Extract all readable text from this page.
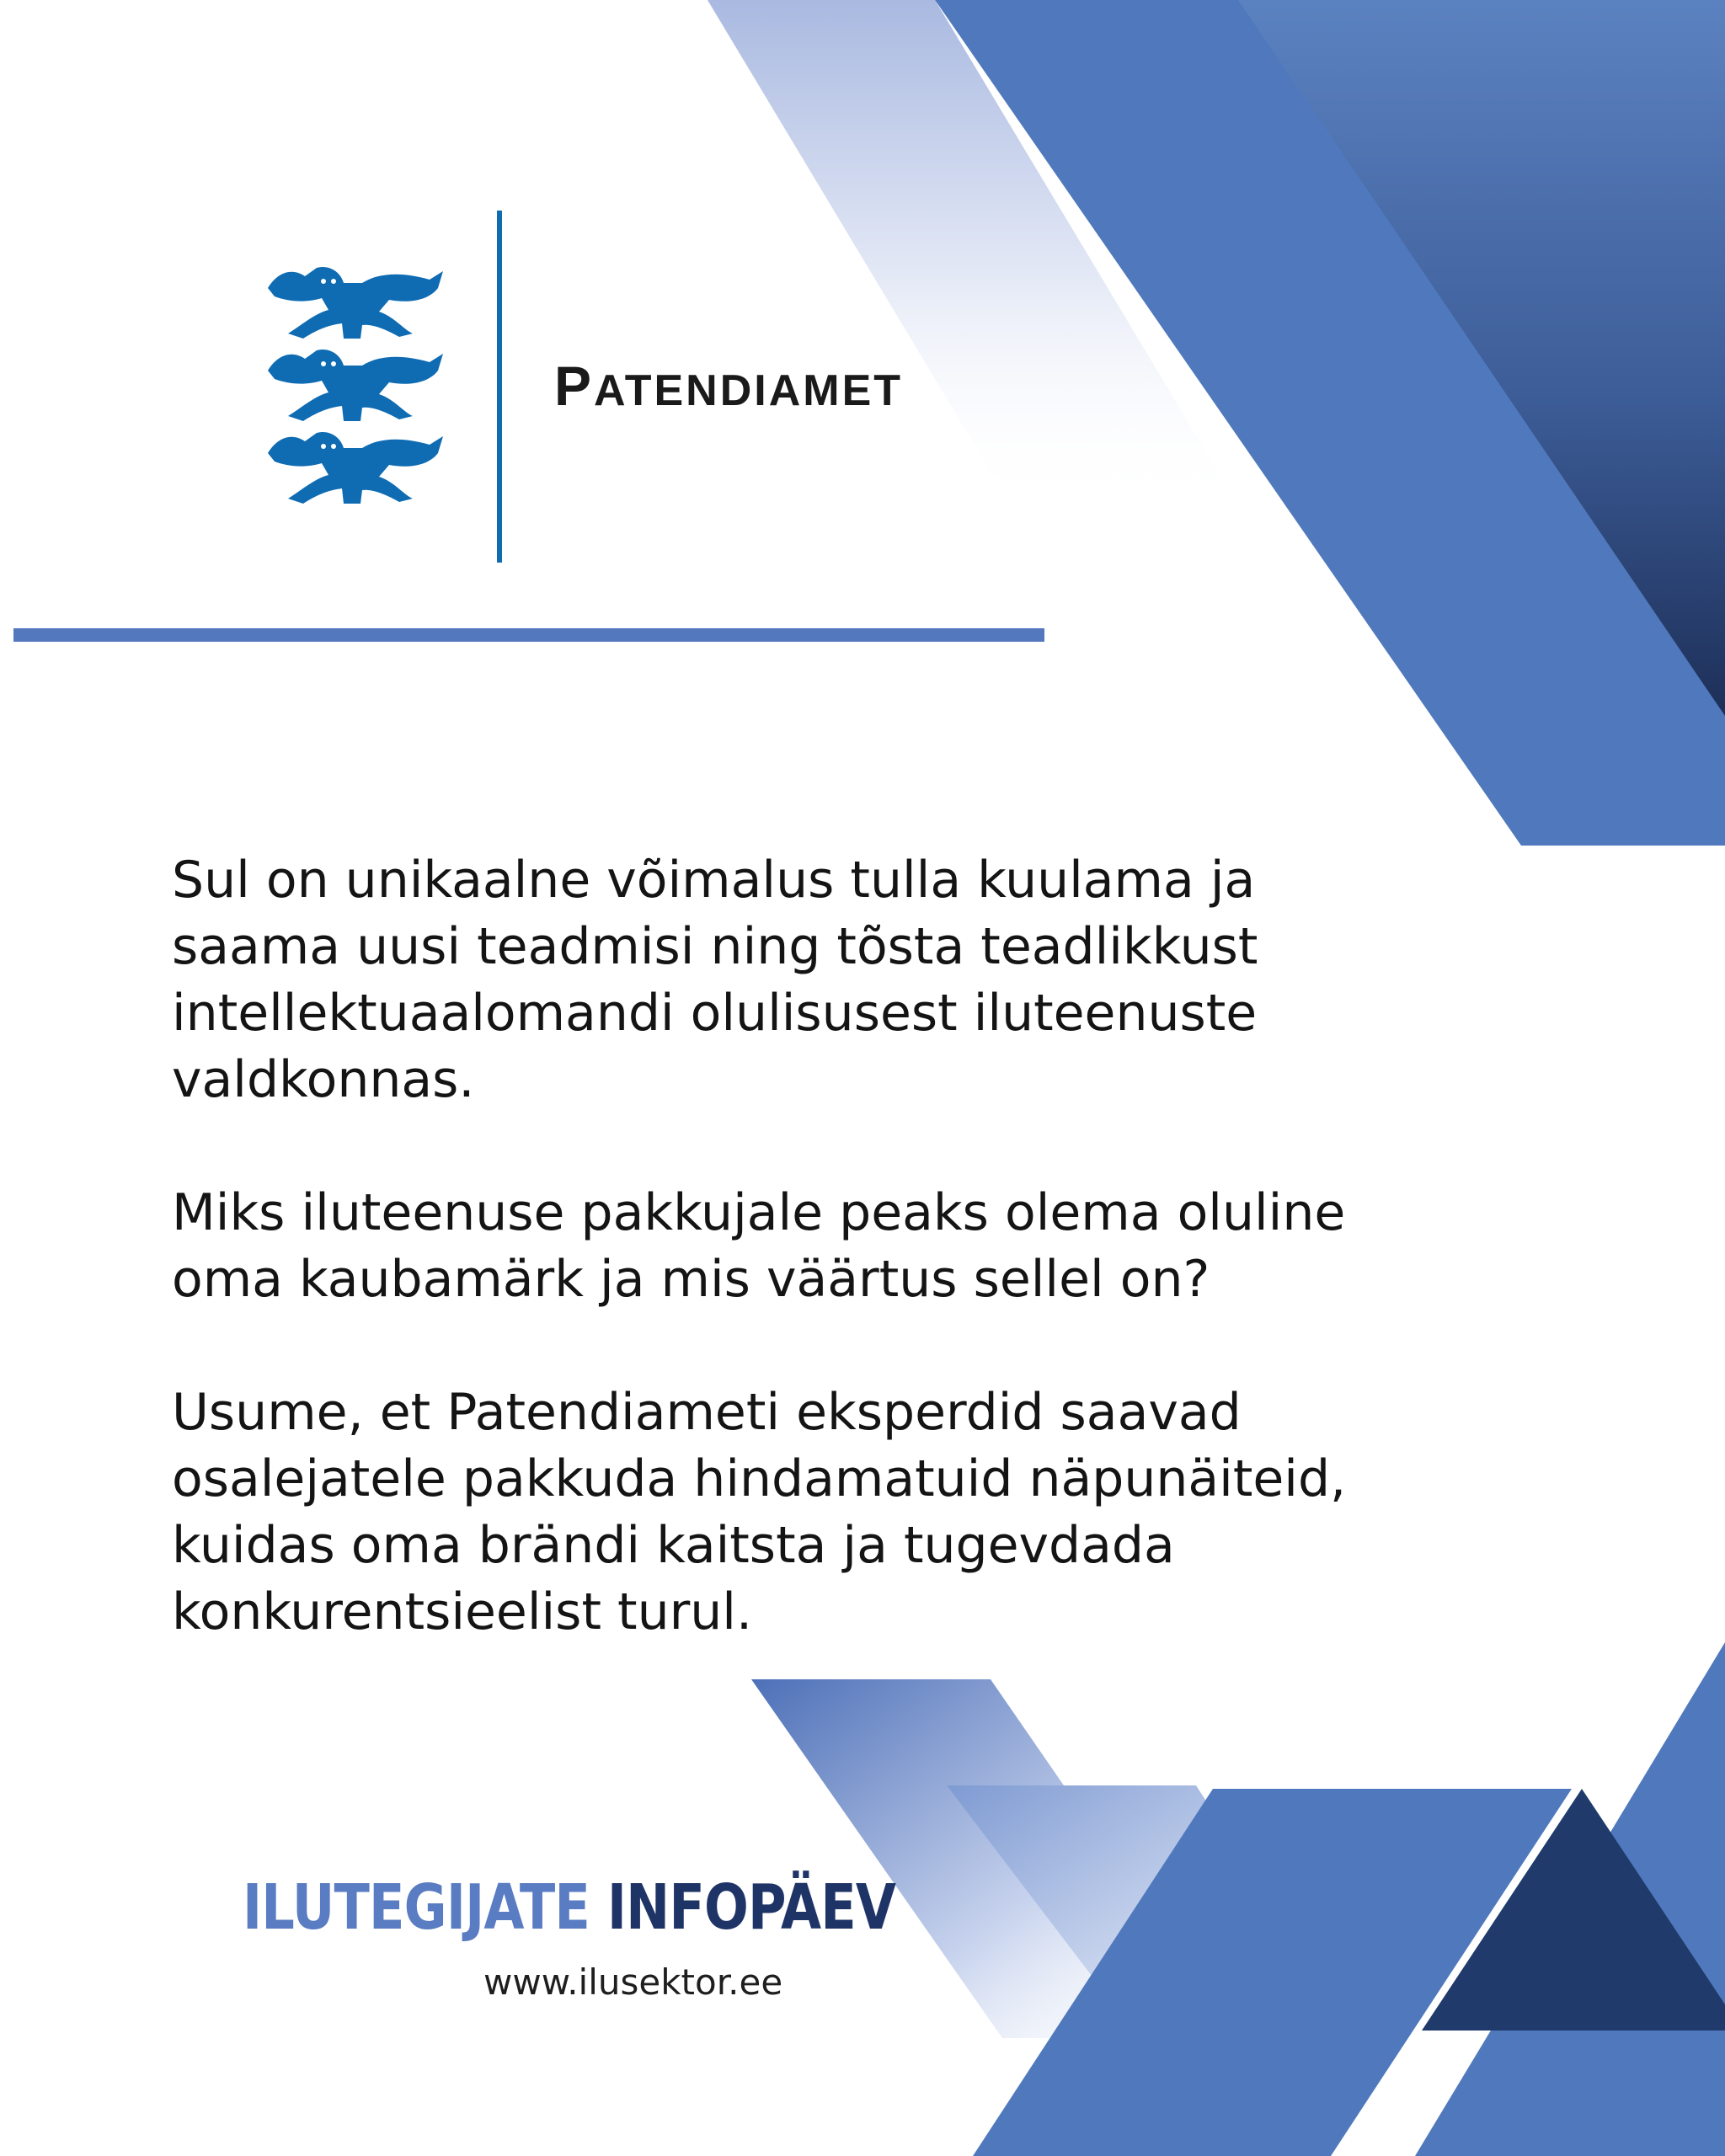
PATENDIAMET

Sul on unikaalne võimalus tulla kuulama ja
saama uusi teadmisi ning tõsta teadlikkust
intellektuaalomandi olulisusest iluteenuste
valdkonnas.

Miks iluteenuse pakkujale peaks olema oluline
oma kaubamärk ja mis väärtus sellel on?

Usume, et Patendiameti eksperdid saavad
osalejatele pakkuda hindamatuid näpunäiteid,
kuidas oma brändi kaitsta ja tugevdada
konkurentsieelist turul.

ILUTEGIJATE INFOPÄEV
www.ilusektor.ee
